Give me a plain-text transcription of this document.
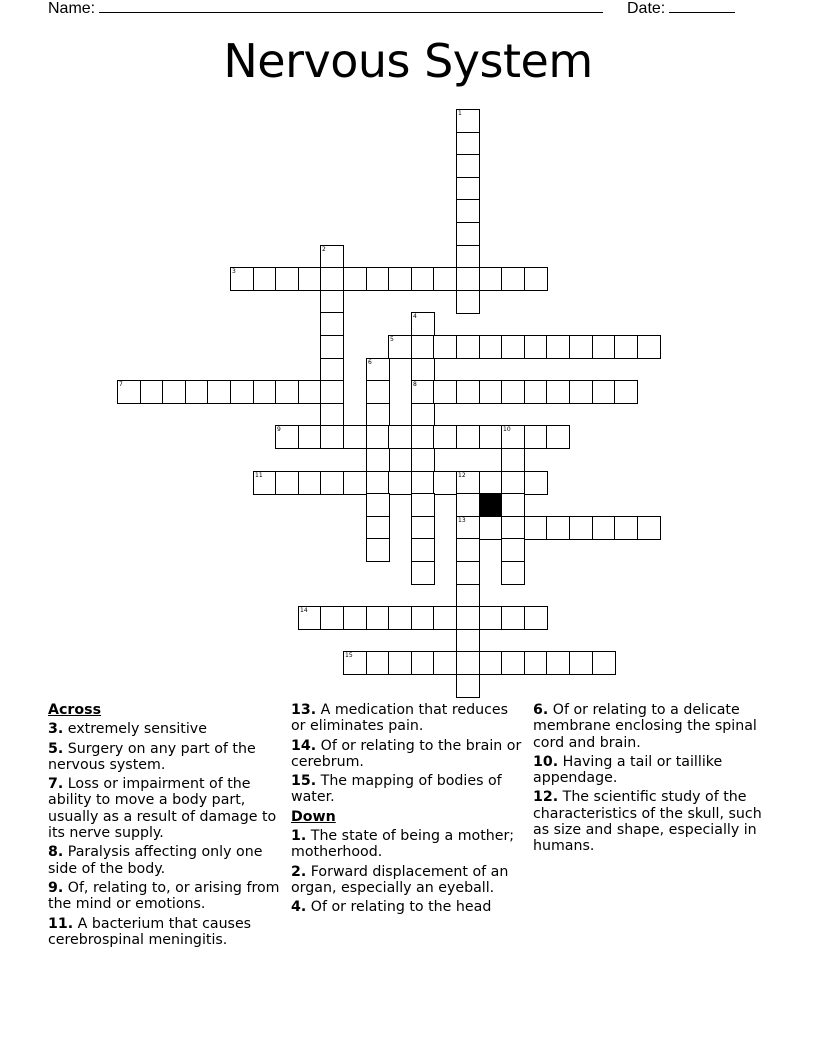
Name:	Date:
Nervous System
1
2
3
4
5
6
7	8
9	10
11	12
13
14
15
Across
3. extremely sensitive
5. Surgery on any part of the nervous system.
7. Loss or impairment of the ability to move a body part, usually as a result of damage to its nerve supply.
8. Paralysis affecting only one side of the body.
9. Of, relating to, or arising from the mind or emotions.
11. A bacterium that causes cerebrospinal meningitis.
13. A medication that reduces or eliminates pain.
14. Of or relating to the brain or cerebrum.
15. The mapping of bodies of water.
Down
1. The state of being a mother; motherhood.
2. Forward displacement of an organ, especially an eyeball.
4. Of or relating to the head
6. Of or relating to a delicate membrane enclosing the spinal cord and brain.
10. Having a tail or taillike appendage.
12. The scientific study of the characteristics of the skull, such as size and shape, especially in humans.
